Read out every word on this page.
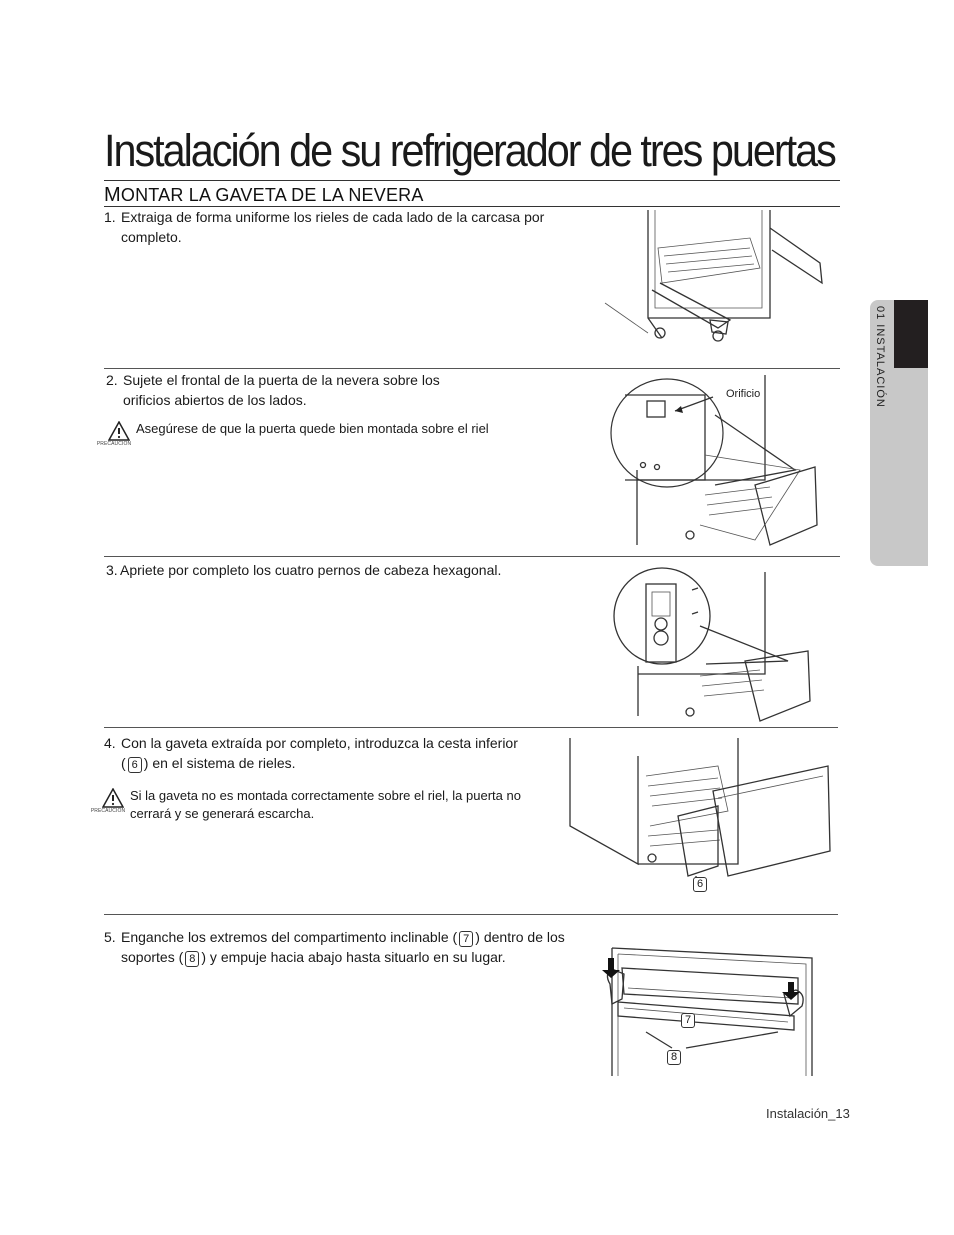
Instalación de su refrigerador de tres puertas
MONTAR LA GAVETA DE LA NEVERA
01 INSTALACIÓN
1. Extraiga de forma uniforme los rieles de cada lado de la carcasa por completo.
2. Sujete el frontal de la puerta de la nevera sobre los orificios abiertos de los lados.
PRECAUCIÓN
Asegúrese de que la puerta quede bien montada sobre el riel
Orificio
3. Apriete por completo los cuatro pernos de cabeza hexagonal.
4. Con la gaveta extraída por completo, introduzca la cesta inferior
( 6 ) en el sistema de rieles.
PRECAUCIÓN
Si la gaveta no es montada correctamente sobre el riel, la puerta no cerrará y se generará escarcha.
6
5. Enganche los extremos del compartimento inclinable ( 7 ) dentro de los soportes ( 8 ) y empuje hacia abajo hasta situarlo en su lugar.
7
8
Instalación_13
